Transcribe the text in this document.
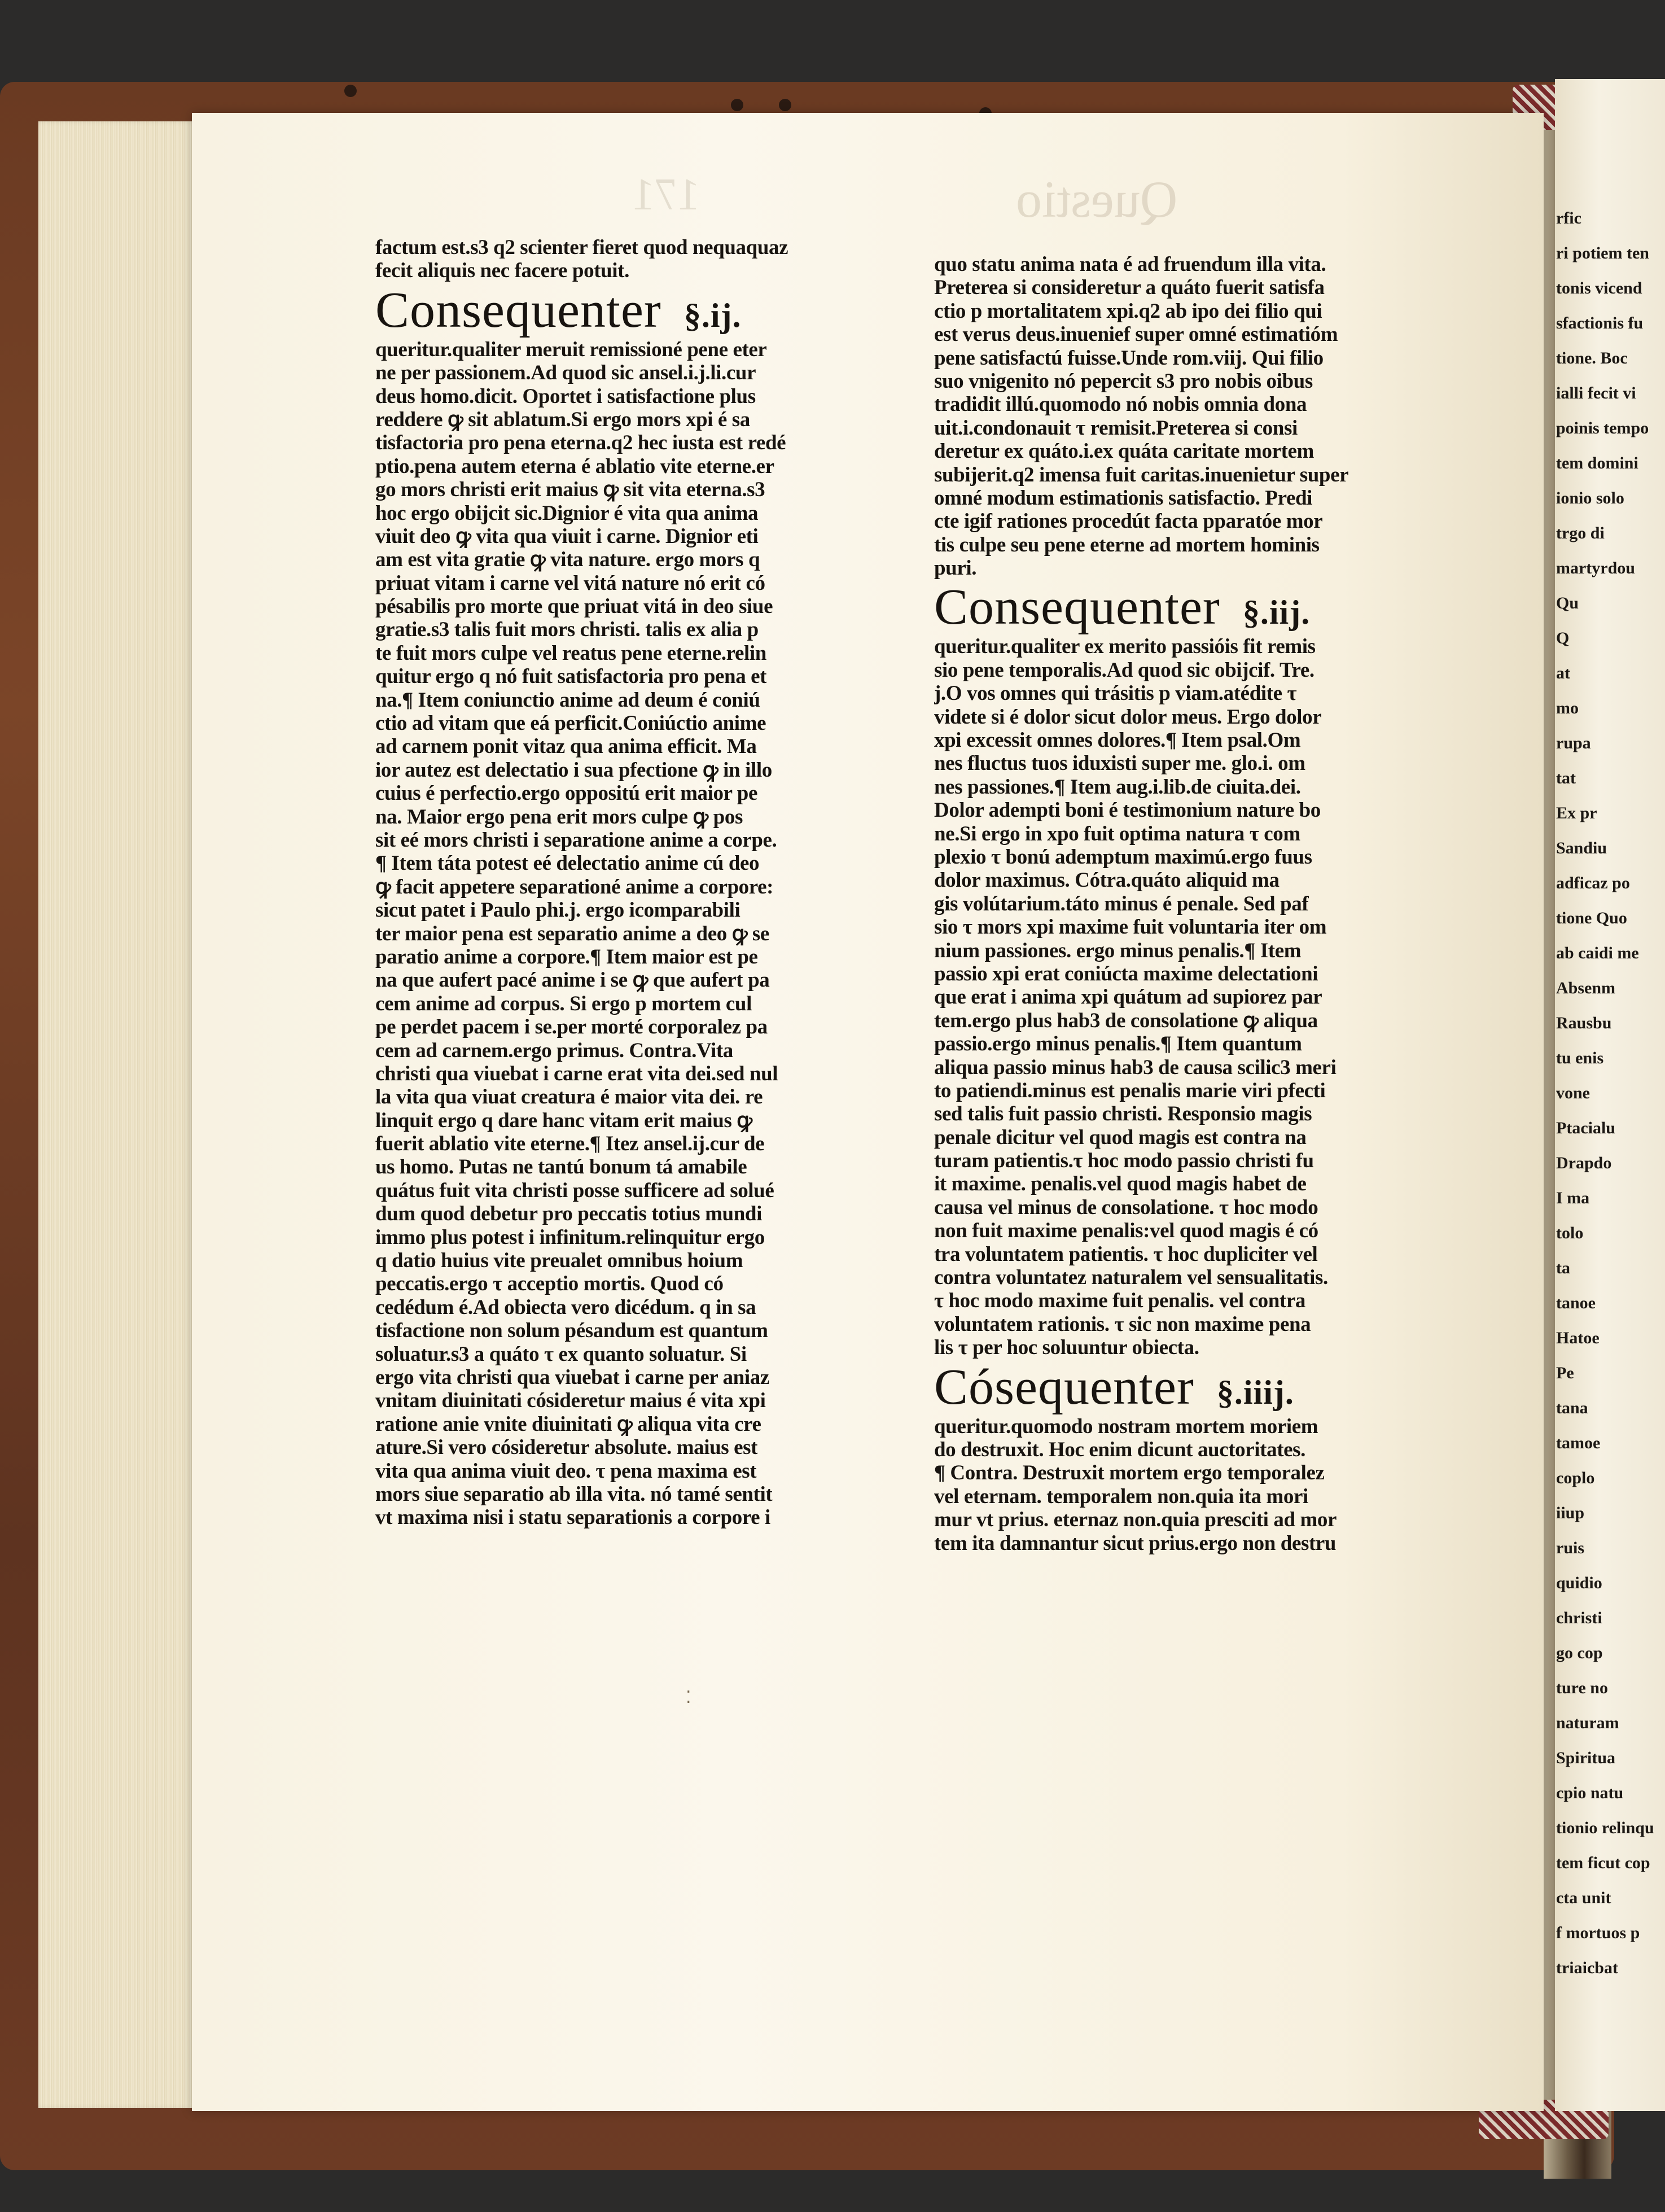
Questio
171
factum est.s3 q2 scienter fieret quod nequaquaz
fecit aliquis nec facere potuit.
Consequenter §.ij.
queritur.qualiter meruit remissioné pene eter
ne per passionem.Ad quod sic ansel.i.j.li.cur
deus homo.dicit. Oportet i satisfactione plus
reddere ꝙ sit ablatum.Si ergo mors xpi é sa
tisfactoria pro pena eterna.q2 hec iusta est redé
ptio.pena autem eterna é ablatio vite eterne.er
go mors christi erit maius ꝙ sit vita eterna.s3
hoc ergo obijcit sic.Dignior é vita qua anima
viuit deo ꝙ vita qua viuit i carne. Dignior eti
am est vita gratie ꝙ vita nature. ergo mors q
priuat vitam i carne vel vitá nature nó erit có
pésabilis pro morte que priuat vitá in deo siue
gratie.s3 talis fuit mors christi. talis ex alia p
te fuit mors culpe vel reatus pene eterne.relin
quitur ergo q nó fuit satisfactoria pro pena et
na.¶ Item coniunctio anime ad deum é coniú
ctio ad vitam que eá perficit.Coniúctio anime
ad carnem ponit vitaz qua anima efficit. Ma
ior autez est delectatio i sua pfectione ꝙ in illo
cuius é perfectio.ergo oppositú erit maior pe
na. Maior ergo pena erit mors culpe ꝙ pos
sit eé mors christi i separatione anime a corpe.
¶ Item táta potest eé delectatio anime cú deo
ꝙ facit appetere separationé anime a corpore:
sicut patet i Paulo phi.j. ergo icomparabili
ter maior pena est separatio anime a deo ꝙ se
paratio anime a corpore.¶ Item maior est pe
na que aufert pacé anime i se ꝙ que aufert pa
cem anime ad corpus. Si ergo p mortem cul
pe perdet pacem i se.per morté corporalez pa
cem ad carnem.ergo primus. Contra.Vita
christi qua viuebat i carne erat vita dei.sed nul
la vita qua viuat creatura é maior vita dei. re
linquit ergo q dare hanc vitam erit maius ꝙ
fuerit ablatio vite eterne.¶ Itez ansel.ij.cur de
us homo. Putas ne tantú bonum tá amabile
quátus fuit vita christi posse sufficere ad solué
dum quod debetur pro peccatis totius mundi
immo plus potest i infinitum.relinquitur ergo
q datio huius vite preualet omnibus hoium
peccatis.ergo τ acceptio mortis. Quod có
cedédum é.Ad obiecta vero dicédum. q in sa
tisfactione non solum pésandum est quantum
soluatur.s3 a quáto τ ex quanto soluatur. Si
ergo vita christi qua viuebat i carne per aniaz
vnitam diuinitati cósideretur maius é vita xpi
ratione anie vnite diuinitati ꝙ aliqua vita cre
ature.Si vero cósideretur absolute. maius est
vita qua anima viuit deo. τ pena maxima est
mors siue separatio ab illa vita. nó tamé sentit
vt maxima nisi i statu separationis a corpore i
quo statu anima nata é ad fruendum illa vita.
Preterea si consideretur a quáto fuerit satisfa
ctio p mortalitatem xpi.q2 ab ipo dei filio qui
est verus deus.inuenief super omné estimatióm
pene satisfactú fuisse.Unde rom.viij. Qui filio
suo vnigenito nó pepercit s3 pro nobis oibus
tradidit illú.quomodo nó nobis omnia dona
uit.i.condonauit τ remisit.Preterea si consi
deretur ex quáto.i.ex quáta caritate mortem
subijerit.q2 imensa fuit caritas.inuenietur super
omné modum estimationis satisfactio. Predi
cte igif rationes procedút facta pparatóe mor
tis culpe seu pene eterne ad mortem hominis
puri.
Consequenter §.iij.
queritur.qualiter ex merito passióis fit remis
sio pene temporalis.Ad quod sic obijcif. Tre.
j.O vos omnes qui trásitis p viam.atédite τ
videte si é dolor sicut dolor meus. Ergo dolor
xpi excessit omnes dolores.¶ Item psal.Om
nes fluctus tuos iduxisti super me. glo.i. om
nes passiones.¶ Item aug.i.lib.de ciuita.dei.
Dolor adempti boni é testimonium nature bo
ne.Si ergo in xpo fuit optima natura τ com
plexio τ bonú ademptum maximú.ergo fuus
dolor maximus. Cótra.quáto aliquid ma
gis volútarium.táto minus é penale. Sed paf
sio τ mors xpi maxime fuit voluntaria iter om
nium passiones. ergo minus penalis.¶ Item
passio xpi erat coniúcta maxime delectationi
que erat i anima xpi quátum ad supiorez par
tem.ergo plus hab3 de consolatione ꝙ aliqua
passio.ergo minus penalis.¶ Item quantum
aliqua passio minus hab3 de causa scilic3 meri
to patiendi.minus est penalis marie viri pfecti
sed talis fuit passio christi. Responsio magis
penale dicitur vel quod magis est contra na
turam patientis.τ hoc modo passio christi fu
it maxime. penalis.vel quod magis habet de
causa vel minus de consolatione. τ hoc modo
non fuit maxime penalis:vel quod magis é có
tra voluntatem patientis. τ hoc dupliciter vel
contra voluntatez naturalem vel sensualitatis.
τ hoc modo maxime fuit penalis. vel contra
voluntatem rationis. τ sic non maxime pena
lis τ per hoc soluuntur obiecta.
Cósequenter §.iiij.
queritur.quomodo nostram mortem moriem
do destruxit. Hoc enim dicunt auctoritates.
¶ Contra. Destruxit mortem ergo temporalez
vel eternam. temporalem non.quia ita mori
mur vt prius. eternaz non.quia presciti ad mor
tem ita damnantur sicut prius.ergo non destru
rfic
ri potiem ten
tonis vicend
sfactionis fu
tione. Boc
ialli fecit vi
poinis tempo
tem domini
ionio solo
trgo di
martyrdou
Qu
Q
at
mo
rupa
tat
Ex pr
Sandiu
adficaz po
tione Quo
ab caidi me
Absenm
Rausbu
tu enis
vone
Ptacialu
Drapdo
I ma
tolo
ta
tanoe
Hatoe
Pe
tana
tamoe
coplo
iiup
ruis
quidio
christi
go cop
ture no
naturam
Spiritua
cpio natu
tionio relinqu
tem ficut cop
cta unit
f mortuos p
triaicbat
⁚
